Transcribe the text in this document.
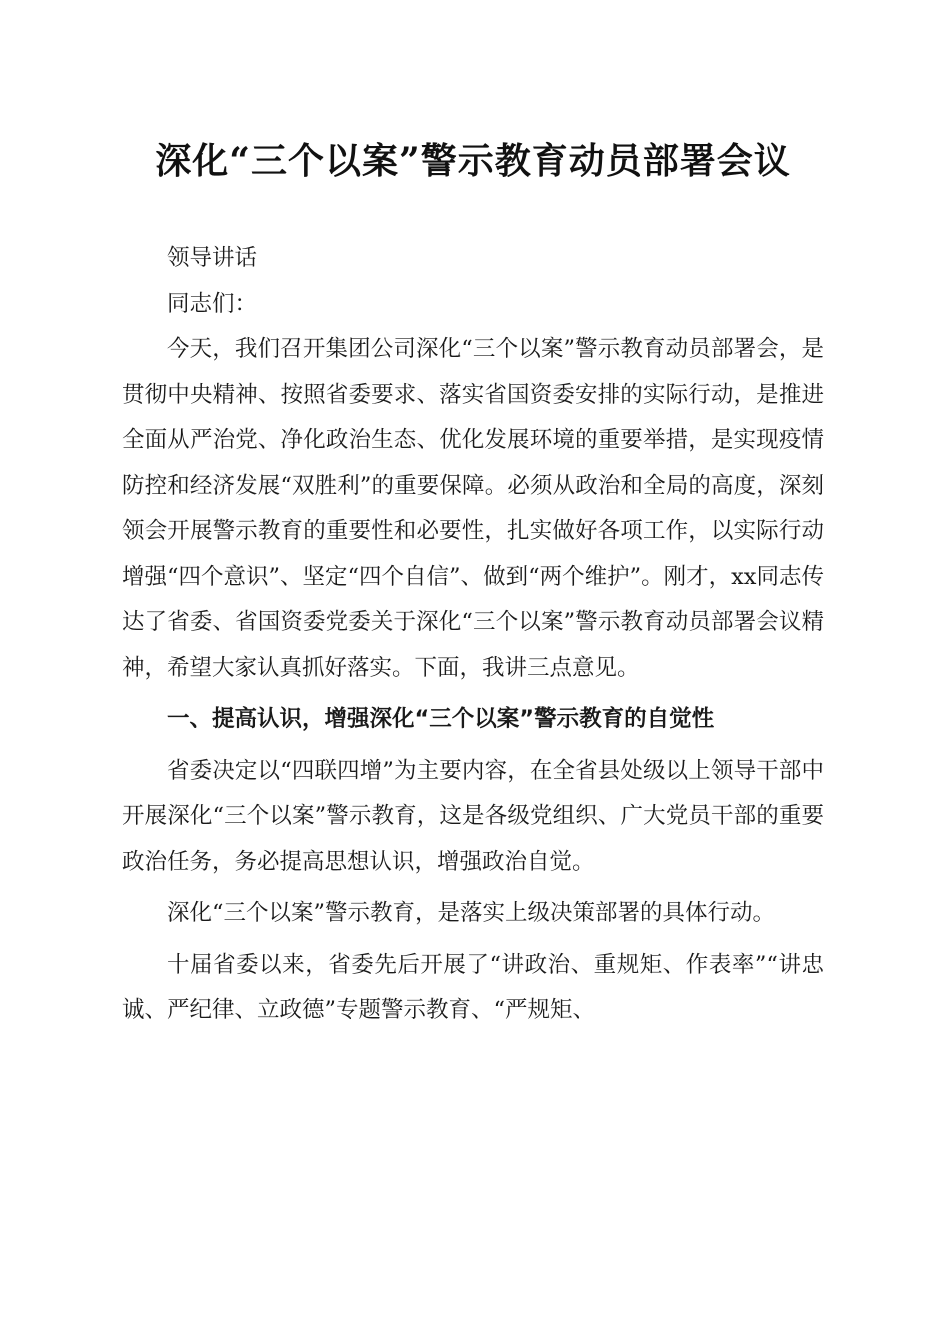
深化“三个以案”警示教育动员部署会议

领导讲话

同志们：

今天，我们召开集团公司深化“三个以案”警示教育动员部署会，是贯彻中央精神、按照省委要求、落实省国资委安排的实际行动，是推进全面从严治党、净化政治生态、优化发展环境的重要举措，是实现疫情防控和经济发展“双胜利”的重要保障。必须从政治和全局的高度，深刻领会开展警示教育的重要性和必要性，扎实做好各项工作，以实际行动增强“四个意识”、坚定“四个自信”、做到“两个维护”。刚才，xx同志传达了省委、省国资委党委关于深化“三个以案”警示教育动员部署会议精神，希望大家认真抓好落实。下面，我讲三点意见。

一、提高认识，增强深化“三个以案”警示教育的自觉性

省委决定以“四联四增”为主要内容，在全省县处级以上领导干部中开展深化“三个以案”警示教育，这是各级党组织、广大党员干部的重要政治任务，务必提高思想认识，增强政治自觉。

深化“三个以案”警示教育，是落实上级决策部署的具体行动。

十届省委以来，省委先后开展了“讲政治、重规矩、作表率”“讲忠诚、严纪律、立政德”专题警示教育、“严规矩、
